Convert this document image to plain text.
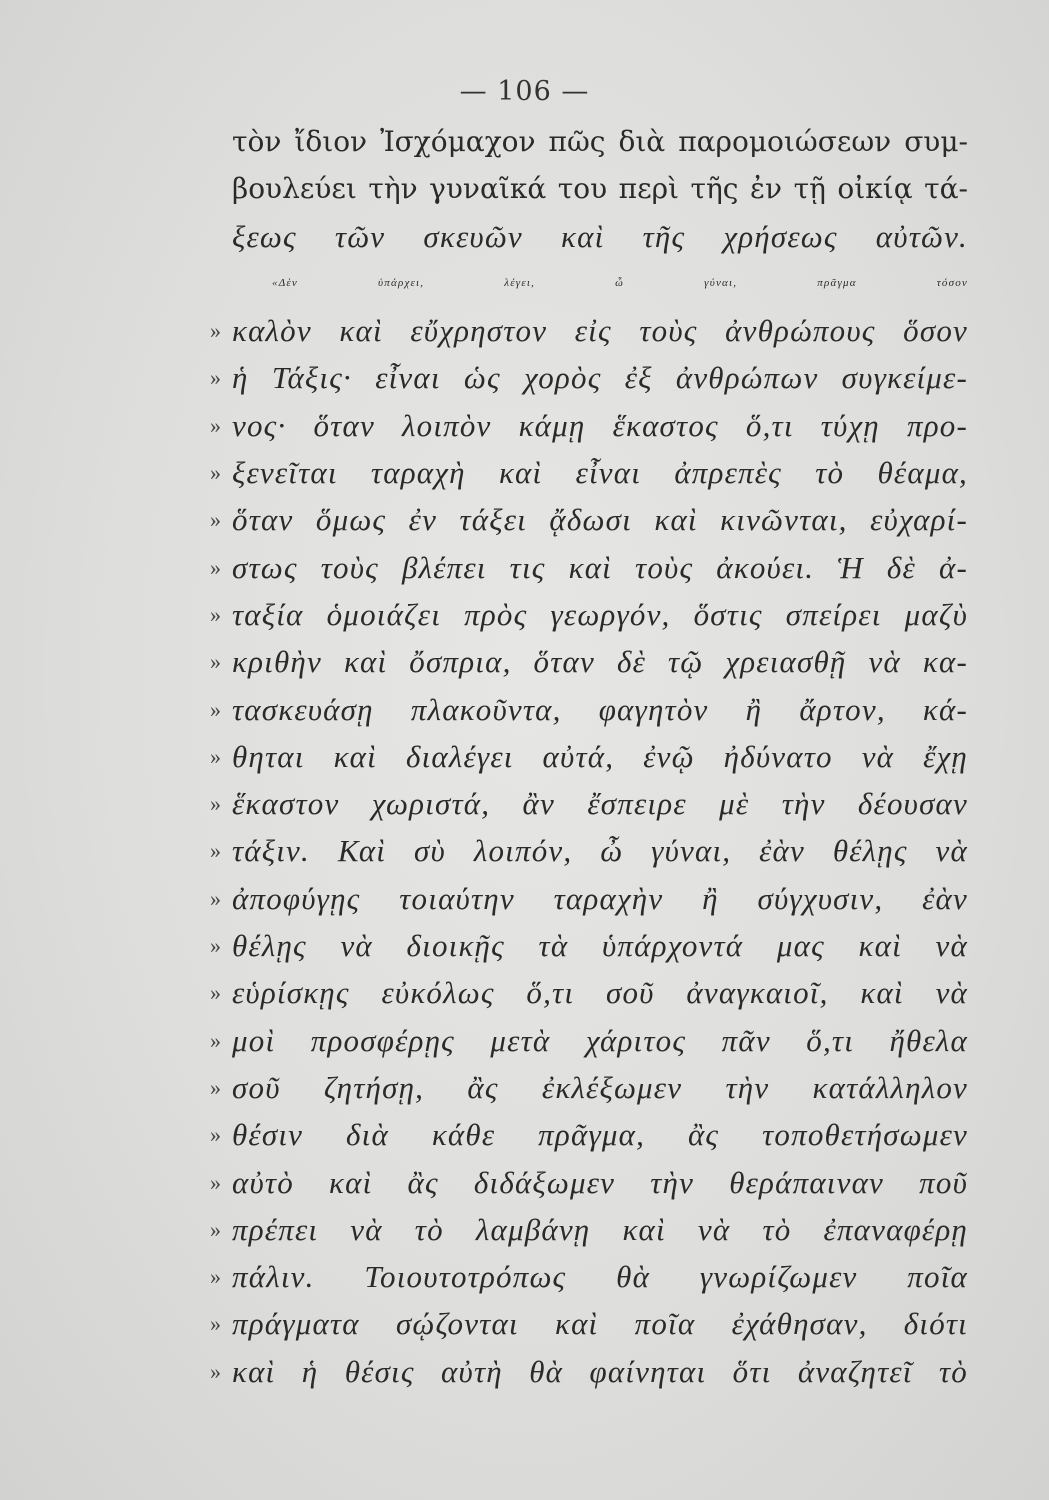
— 106 —
τὸν ἴδιον Ἰσχόμαχον πῶς διὰ παρομοιώσεων συμ-
βουλεύει τὴν γυναῖκά του περὶ τῆς ἐν τῇ οἰκίᾳ τά-
ξεως τῶν σκευῶν καὶ τῆς χρήσεως αὐτῶν.
«Δὲν ὑπάρχει, λέγει, ὦ γύναι, πρᾶγμα τόσον
» καλὸν καὶ εὔχρηστον εἰς τοὺς ἀνθρώπους ὅσον
» ἡ Τάξις· εἶναι ὡς χορὸς ἐξ ἀνθρώπων συγκείμε-
» νος· ὅταν λοιπὸν κάμῃ ἕκαστος ὅ,τι τύχῃ προ-
» ξενεῖται ταραχὴ καὶ εἶναι ἀπρεπὲς τὸ θέαμα,
» ὅταν ὅμως ἐν τάξει ᾄδωσι καὶ κινῶνται, εὐχαρί-
» στως τοὺς βλέπει τις καὶ τοὺς ἀκούει. Ἡ δὲ ἀ-
» ταξία ὁμοιάζει πρὸς γεωργόν, ὅστις σπείρει μαζὺ
» κριθὴν καὶ ὄσπρια, ὅταν δὲ τῷ χρειασθῇ νὰ κα-
» τασκευάσῃ πλακοῦντα, φαγητὸν ἢ ἄρτον, κά-
» θηται καὶ διαλέγει αὐτά, ἐνῷ ἠδύνατο νὰ ἔχῃ
» ἕκαστον χωριστά, ἂν ἔσπειρε μὲ τὴν δέουσαν
» τάξιν. Καὶ σὺ λοιπόν, ὦ γύναι, ἐὰν θέλῃς νὰ
» ἀποφύγῃς τοιαύτην ταραχὴν ἢ σύγχυσιν, ἐὰν
» θέλῃς νὰ διοικῇς τὰ ὑπάρχοντά μας καὶ νὰ
» εὑρίσκῃς εὐκόλως ὅ,τι σοῦ ἀναγκαιοῖ, καὶ νὰ
» μοὶ προσφέρῃς μετὰ χάριτος πᾶν ὅ,τι ἤθελα
» σοῦ ζητήσῃ, ἂς ἐκλέξωμεν τὴν κατάλληλον
» θέσιν διὰ κάθε πρᾶγμα, ἂς τοποθετήσωμεν
» αὐτὸ καὶ ἂς διδάξωμεν τὴν θεράπαιναν ποῦ
» πρέπει νὰ τὸ λαμβάνῃ καὶ νὰ τὸ ἐπαναφέρῃ
» πάλιν. Τοιουτοτρόπως θὰ γνωρίζωμεν ποῖα
» πράγματα σῴζονται καὶ ποῖα ἐχάθησαν, διότι
» καὶ ἡ θέσις αὐτὴ θὰ φαίνηται ὅτι ἀναζητεῖ τὸ
